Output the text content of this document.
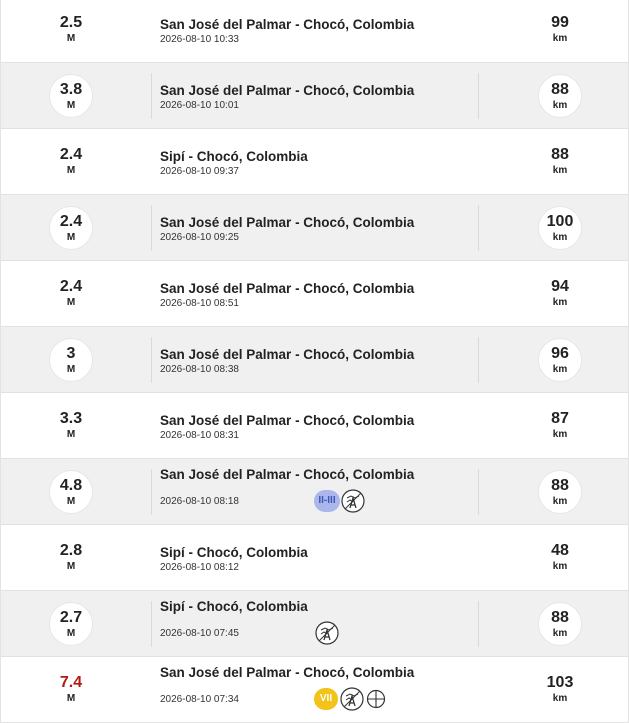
2.5
M
San José del Palmar - Chocó, Colombia
2026-08-10 10:33
99
km
3.8
M
San José del Palmar - Chocó, Colombia
2026-08-10 10:01
88
km
2.4
M
Sipí - Chocó, Colombia
2026-08-10 09:37
88
km
2.4
M
San José del Palmar - Chocó, Colombia
2026-08-10 09:25
100
km
2.4
M
San José del Palmar - Chocó, Colombia
2026-08-10 08:51
94
km
3
M
San José del Palmar - Chocó, Colombia
2026-08-10 08:38
96
km
3.3
M
San José del Palmar - Chocó, Colombia
2026-08-10 08:31
87
km
4.8
M
San José del Palmar - Chocó, Colombia
2026-08-10 08:18	II-III
88
km
2.8
M
Sipí - Chocó, Colombia
2026-08-10 08:12
48
km
2.7
M
Sipí - Chocó, Colombia
2026-08-10 07:45
88
km
7.4
M
San José del Palmar - Chocó, Colombia
2026-08-10 07:34	VII
103
km
